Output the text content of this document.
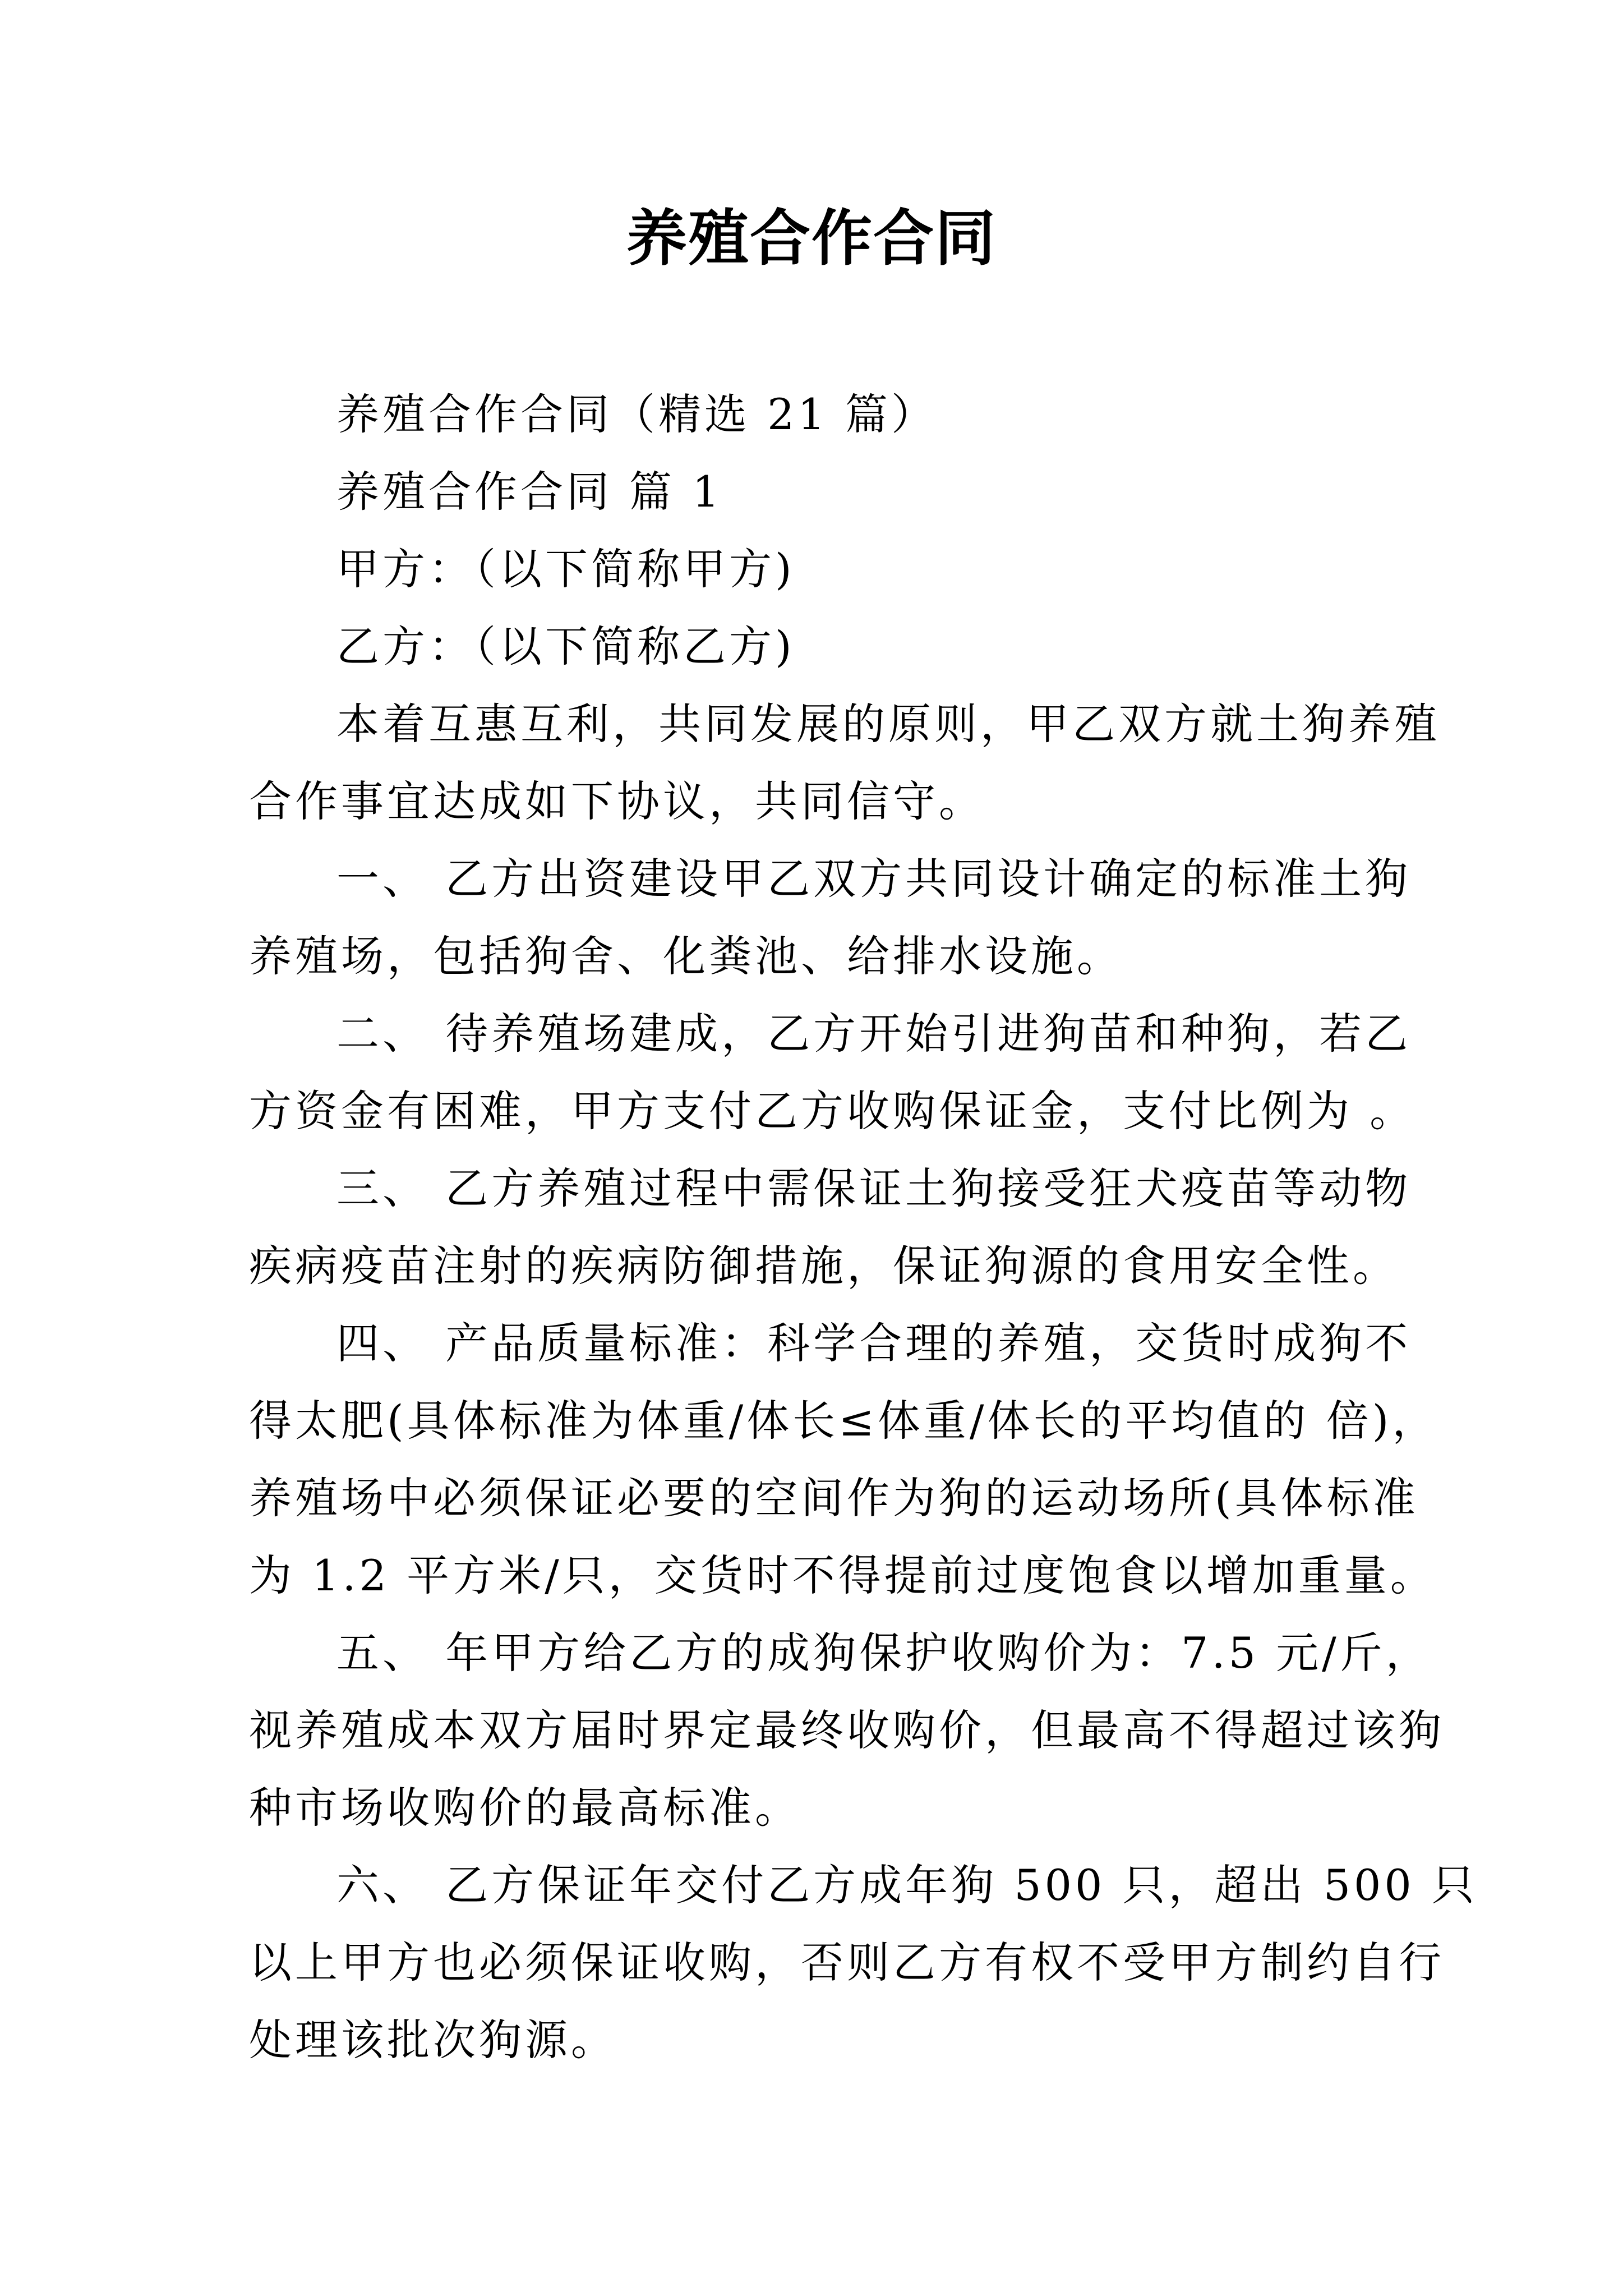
养殖合作合同
养殖合作合同（精选 21 篇）
养殖合作合同 篇 1
甲方：（以下简称甲方)
乙方：（以下简称乙方)
本着互惠互利，共同发展的原则，甲乙双方就土狗养殖
合作事宜达成如下协议，共同信守。
一、 乙方出资建设甲乙双方共同设计确定的标准土狗
养殖场，包括狗舍、化粪池、给排水设施。
二、 待养殖场建成，乙方开始引进狗苗和种狗，若乙
方资金有困难，甲方支付乙方收购保证金，支付比例为 。
三、 乙方养殖过程中需保证土狗接受狂犬疫苗等动物
疾病疫苗注射的疾病防御措施，保证狗源的食用安全性。
四、 产品质量标准：科学合理的养殖，交货时成狗不
得太肥(具体标准为体重/体长≤体重/体长的平均值的 倍)，
养殖场中必须保证必要的空间作为狗的运动场所(具体标准
为 1.2 平方米/只，交货时不得提前过度饱食以增加重量。
五、 年甲方给乙方的成狗保护收购价为：7.5 元/斤，
视养殖成本双方届时界定最终收购价，但最高不得超过该狗
种市场收购价的最高标准。
六、 乙方保证年交付乙方成年狗 500 只，超出 500 只
以上甲方也必须保证收购，否则乙方有权不受甲方制约自行
处理该批次狗源。
